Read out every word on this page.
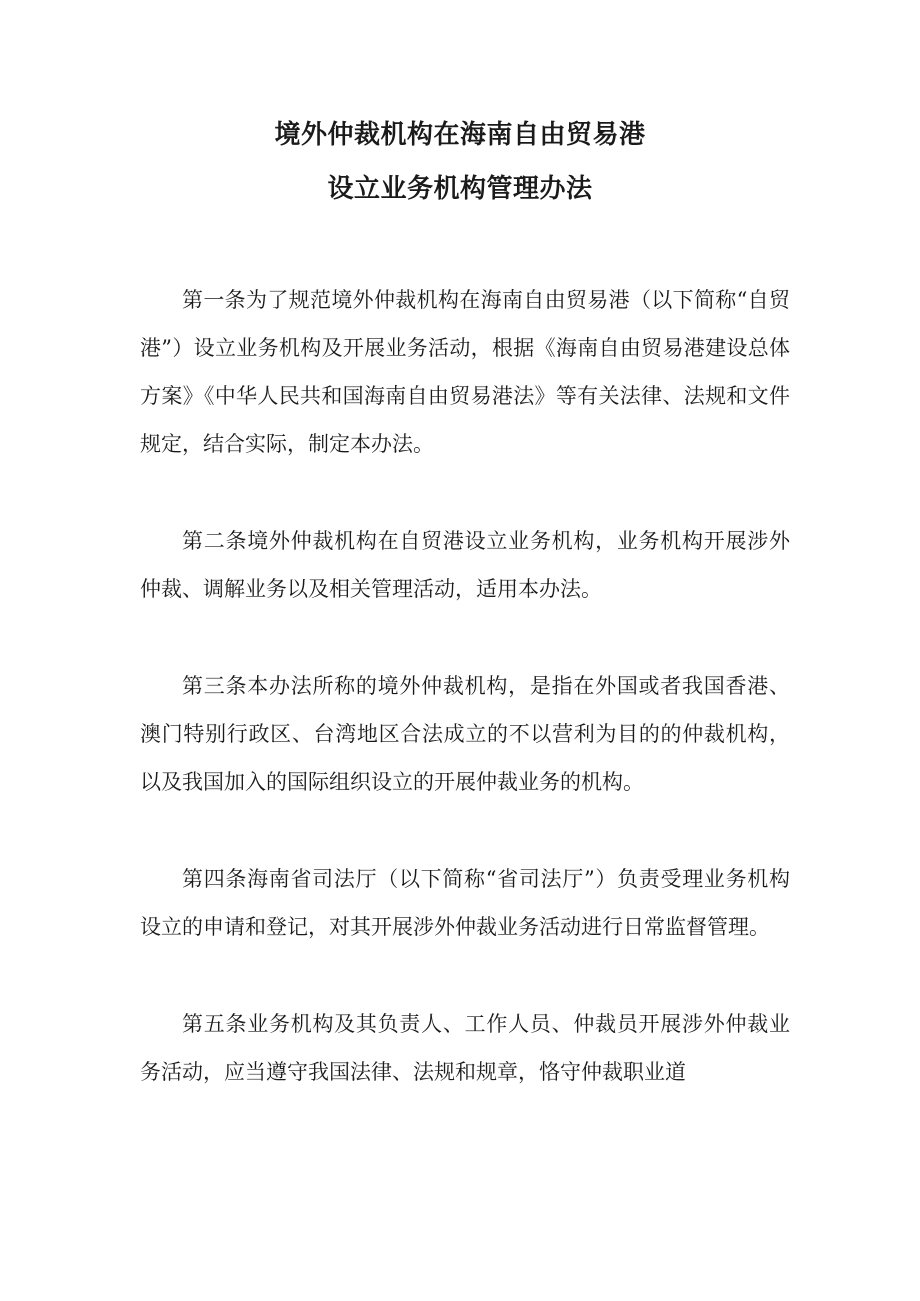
境外仲裁机构在海南自由贸易港
设立业务机构管理办法

第一条为了规范境外仲裁机构在海南自由贸易港（以下简称“自贸港”）设立业务机构及开展业务活动，根据《海南自由贸易港建设总体方案》《中华人民共和国海南自由贸易港法》等有关法律、法规和文件规定，结合实际，制定本办法。

第二条境外仲裁机构在自贸港设立业务机构，业务机构开展涉外仲裁、调解业务以及相关管理活动，适用本办法。

第三条本办法所称的境外仲裁机构，是指在外国或者我国香港、澳门特别行政区、台湾地区合法成立的不以营利为目的的仲裁机构，以及我国加入的国际组织设立的开展仲裁业务的机构。

第四条海南省司法厅（以下简称“省司法厅”）负责受理业务机构设立的申请和登记，对其开展涉外仲裁业务活动进行日常监督管理。

第五条业务机构及其负责人、工作人员、仲裁员开展涉外仲裁业务活动，应当遵守我国法律、法规和规章，恪守仲裁职业道
